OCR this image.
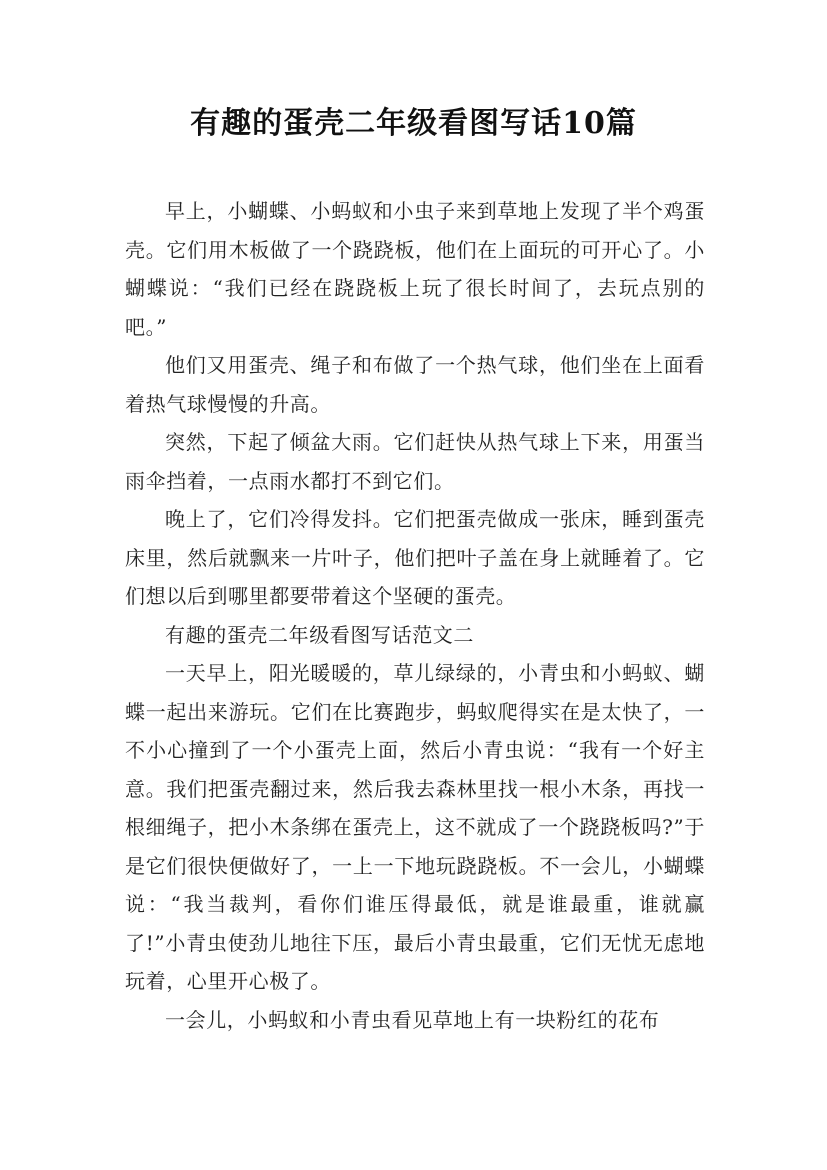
有趣的蛋壳二年级看图写话10篇

早上，小蝴蝶、小蚂蚁和小虫子来到草地上发现了半个鸡蛋壳。它们用木板做了一个跷跷板，他们在上面玩的可开心了。小蝴蝶说：“我们已经在跷跷板上玩了很长时间了，去玩点别的吧。”

他们又用蛋壳、绳子和布做了一个热气球，他们坐在上面看着热气球慢慢的升高。

突然，下起了倾盆大雨。它们赶快从热气球上下来，用蛋当雨伞挡着，一点雨水都打不到它们。

晚上了，它们冷得发抖。它们把蛋壳做成一张床，睡到蛋壳床里，然后就飘来一片叶子，他们把叶子盖在身上就睡着了。它们想以后到哪里都要带着这个坚硬的蛋壳。

有趣的蛋壳二年级看图写话范文二

一天早上，阳光暖暖的，草儿绿绿的，小青虫和小蚂蚁、蝴蝶一起出来游玩。它们在比赛跑步，蚂蚁爬得实在是太快了，一不小心撞到了一个小蛋壳上面，然后小青虫说：“我有一个好主意。我们把蛋壳翻过来，然后我去森林里找一根小木条，再找一根细绳子，把小木条绑在蛋壳上，这不就成了一个跷跷板吗?”于是它们很快便做好了，一上一下地玩跷跷板。不一会儿，小蝴蝶说：“我当裁判，看你们谁压得最低，就是谁最重，谁就赢了!”小青虫使劲儿地往下压，最后小青虫最重，它们无忧无虑地玩着，心里开心极了。

一会儿，小蚂蚁和小青虫看见草地上有一块粉红的花布
